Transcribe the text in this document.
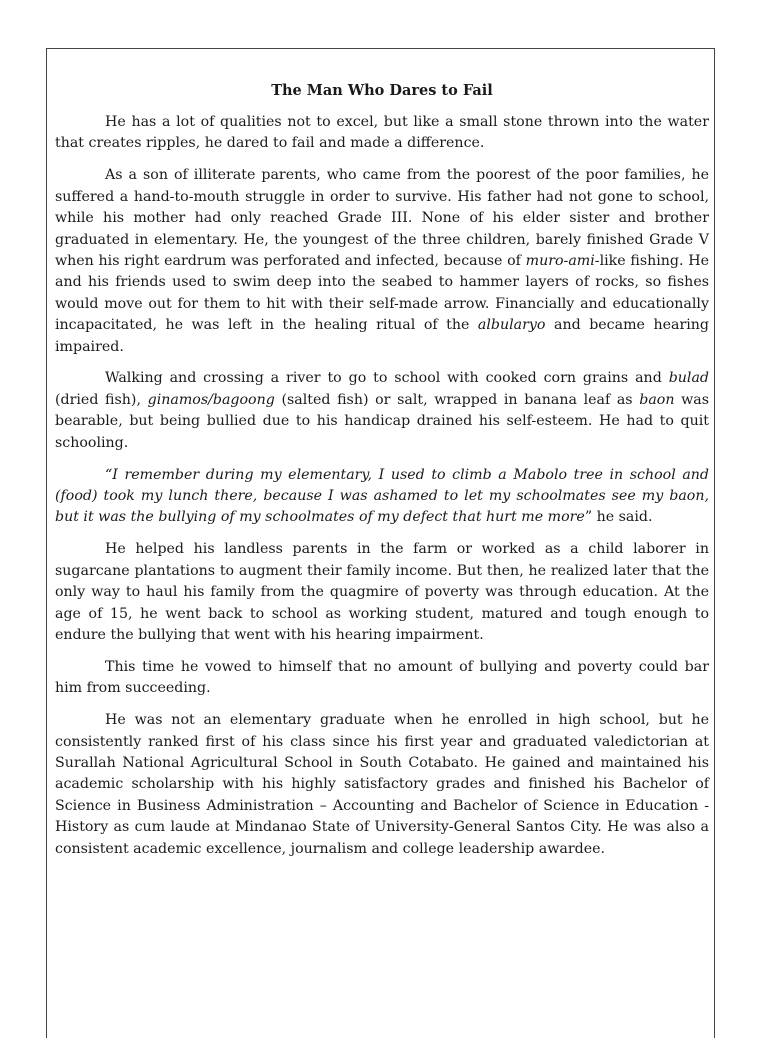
The Man Who Dares to Fail

He has a lot of qualities not to excel, but like a small stone thrown into the water that creates ripples, he dared to fail and made a difference.

As a son of illiterate parents, who came from the poorest of the poor families, he suffered a hand-to-mouth struggle in order to survive. His father had not gone to school, while his mother had only reached Grade III. None of his elder sister and brother graduated in elementary. He, the youngest of the three children, barely finished Grade V when his right eardrum was perforated and infected, because of muro-ami-like fishing. He and his friends used to swim deep into the seabed to hammer layers of rocks, so fishes would move out for them to hit with their self-made arrow. Financially and educationally incapacitated, he was left in the healing ritual of the albularyo and became hearing impaired.

Walking and crossing a river to go to school with cooked corn grains and bulad (dried fish), ginamos/bagoong (salted fish) or salt, wrapped in banana leaf as baon was bearable, but being bullied due to his handicap drained his self-esteem. He had to quit schooling.

“I remember during my elementary, I used to climb a Mabolo tree in school and (food) took my lunch there, because I was ashamed to let my schoolmates see my baon, but it was the bullying of my schoolmates of my defect that hurt me more” he said.

He helped his landless parents in the farm or worked as a child laborer in sugarcane plantations to augment their family income. But then, he realized later that the only way to haul his family from the quagmire of poverty was through education. At the age of 15, he went back to school as working student, matured and tough enough to endure the bullying that went with his hearing impairment.

This time he vowed to himself that no amount of bullying and poverty could bar him from succeeding.

He was not an elementary graduate when he enrolled in high school, but he consistently ranked first of his class since his first year and graduated valedictorian at Surallah National Agricultural School in South Cotabato. He gained and maintained his academic scholarship with his highly satisfactory grades and finished his Bachelor of Science in Business Administration – Accounting and Bachelor of Science in Education - History as cum laude at Mindanao State of University-General Santos City. He was also a consistent academic excellence, journalism and college leadership awardee.
